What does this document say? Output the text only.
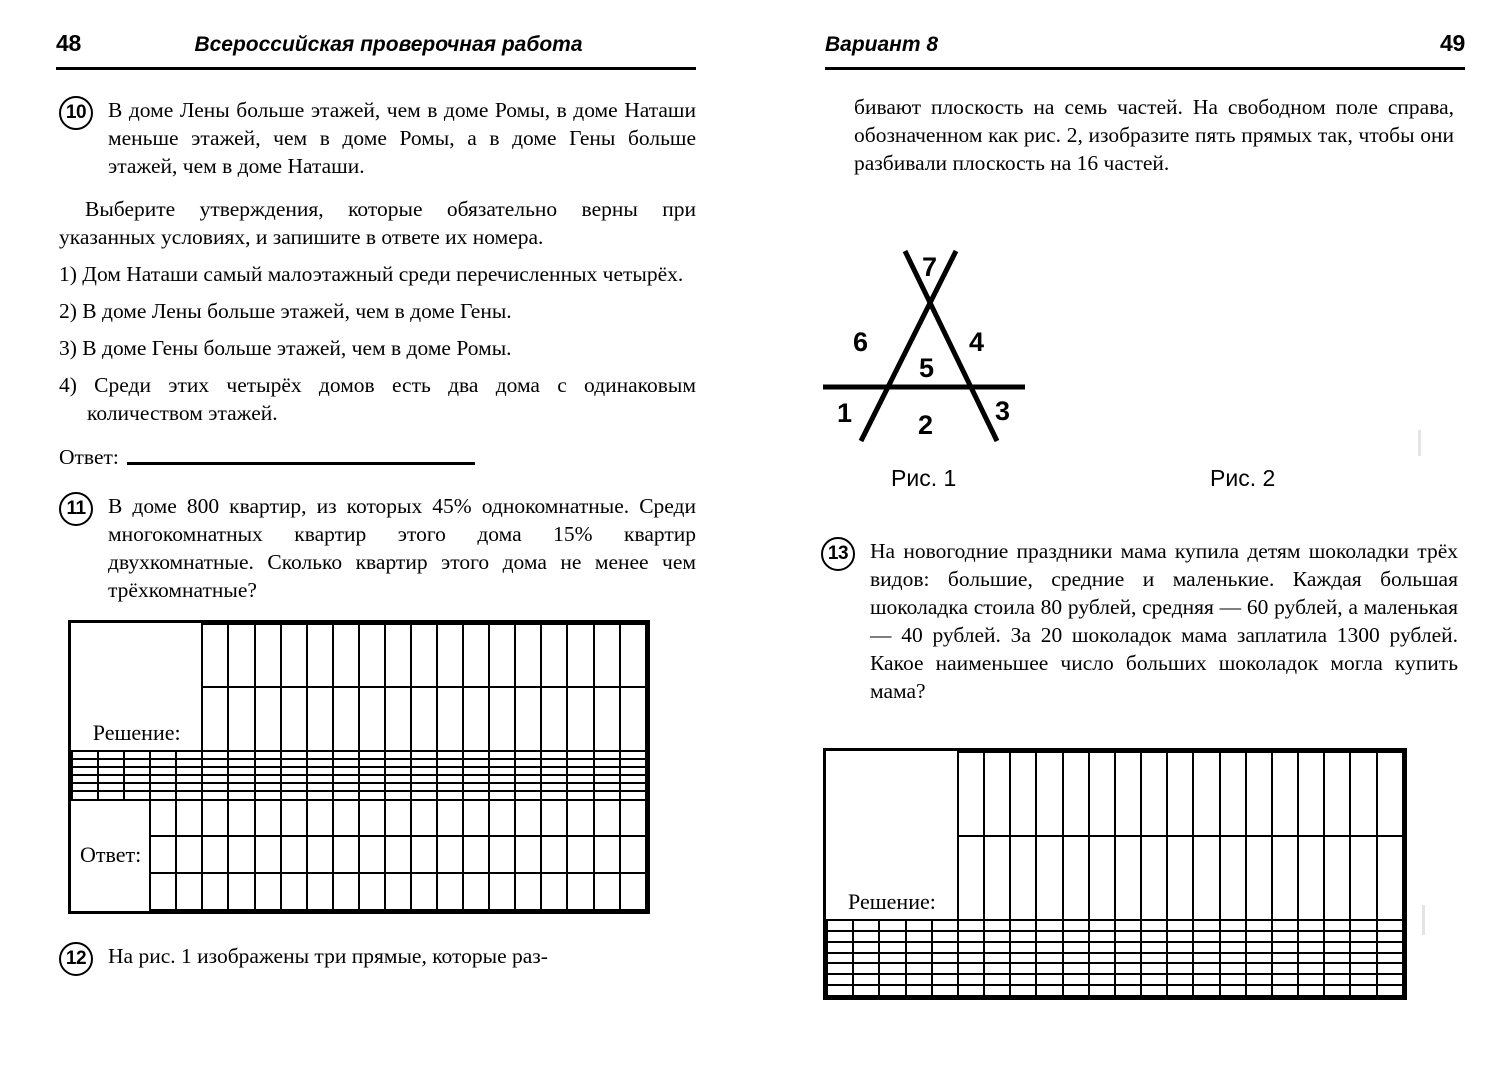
48	Всероссийская проверочная работа
10	В доме Лены больше этажей, чем в доме Ромы, в доме Наташи меньше этажей, чем в доме Ромы, а в доме Гены больше этажей, чем в доме Наташи.

Выберите утверждения, которые обязательно верны при указанных условиях, и запишите в ответе их номера.

1) Дом Наташи самый малоэтажный среди перечисленных четырёх.

2) В доме Лены больше этажей, чем в доме Гены.

3) В доме Гены больше этажей, чем в доме Ромы.

4) Среди этих четырёх домов есть два дома с одинаковым количеством этажей.

Ответ:
11	В доме 800 квартир, из которых 45% однокомнатные. Среди многокомнатных квартир этого дома 15% квартир двухкомнатные. Сколько квартир этого дома не менее чем трёхкомнатные?

Решение:																					

Ответ:																					

12	На рис. 1 изображены три прямые, которые раз-

Вариант 8	49

бивают плоскость на семь частей. На свободном поле справа, обозначенном как рис. 2, изобразите пять прямых так, чтобы они разбивали плоскость на 16 частей.

7
6	4
5
1 2 3
Рис. 1	Рис. 2
13	На новогодние праздники мама купила детям шоколадки трёх видов: большие, средние и маленькие. Каждая большая шоколадка стоила 80 рублей, средняя — 60 рублей, а маленькая — 40 рублей. За 20 шоколадок мама заплатила 1300 рублей. Какое наименьшее число больших шоколадок могла купить мама?

Решение:																					
